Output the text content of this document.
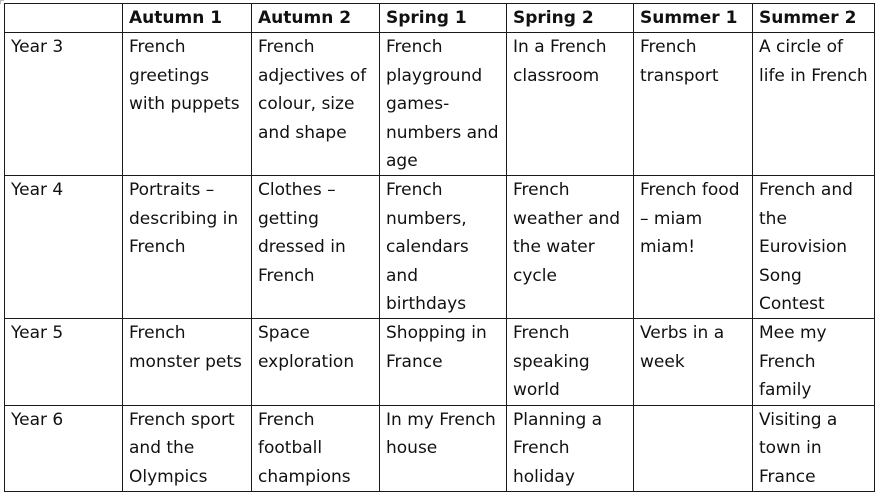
	Autumn 1	Autumn 2	Spring 1	Spring 2	Summer 1	Summer 2
Year 3	French greetings with puppets	French adjectives of colour, size and shape	French playground games- numbers and age	In a French classroom	French transport	A circle of life in French
Year 4	Portraits – describing in French	Clothes – getting dressed in French	French numbers, calendars and birthdays	French weather and the water cycle	French food – miam miam!	French and the Eurovision Song Contest
Year 5	French monster pets	Space exploration	Shopping in France	French speaking world	Verbs in a week	Mee my French family
Year 6	French sport and the Olympics	French football champions	In my French house	Planning a French holiday		Visiting a town in France
